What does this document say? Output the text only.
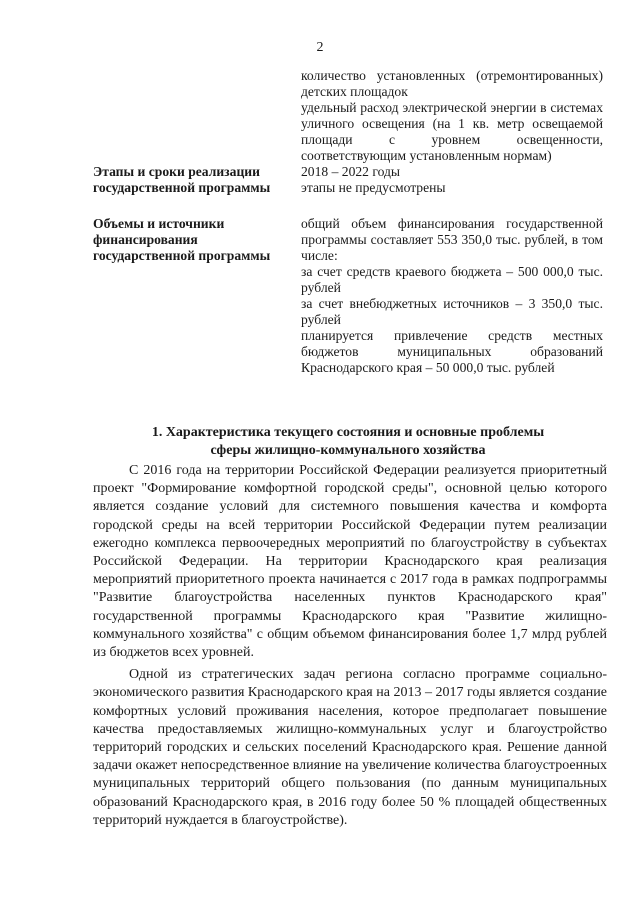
2

количество установленных (отремонтированных) детских площадок

удельный расход электрической энергии в системах уличного освещения (на 1 кв. метр освещаемой площади с уровнем освещенности, соответствующим установленным нормам)

Этапы и сроки реализации государственной программы

2018 – 2022 годы

этапы не предусмотрены

Объемы и источники финансирования государственной программы

общий объем финансирования государственной программы составляет 553 350,0 тыс. рублей, в том числе:

за счет средств краевого бюджета – 500 000,0 тыс. рублей

за счет внебюджетных источников – 3 350,0 тыс. рублей

планируется привлечение средств местных бюджетов муниципальных образований Краснодарского края – 50 000,0 тыс. рублей

1. Характеристика текущего состояния и основные проблемы
сферы жилищно-коммунального хозяйства

С 2016 года на территории Российской Федерации реализуется приоритетный проект "Формирование комфортной городской среды", основной целью которого является создание условий для системного повышения качества и комфорта городской среды на всей территории Российской Федерации путем реализации ежегодно комплекса первоочередных мероприятий по благоустройству в субъектах Российской Федерации. На территории Краснодарского края реализация мероприятий приоритетного проекта начинается с 2017 года в рамках подпрограммы "Развитие благоустройства населенных пунктов Краснодарского края" государственной программы Краснодарского края "Развитие жилищно-коммунального хозяйства" с общим объемом финансирования более 1,7 млрд рублей из бюджетов всех уровней.

Одной из стратегических задач региона согласно программе социально-экономического развития Краснодарского края на 2013 – 2017 годы является создание комфортных условий проживания населения, которое предполагает повышение качества предоставляемых жилищно-коммунальных услуг и благоустройство территорий городских и сельских поселений Краснодарского края. Решение данной задачи окажет непосредственное влияние на увеличение количества благоустроенных муниципальных территорий общего пользования (по данным муниципальных образований Краснодарского края, в 2016 году более 50 % площадей общественных территорий нуждается в благоустройстве).
